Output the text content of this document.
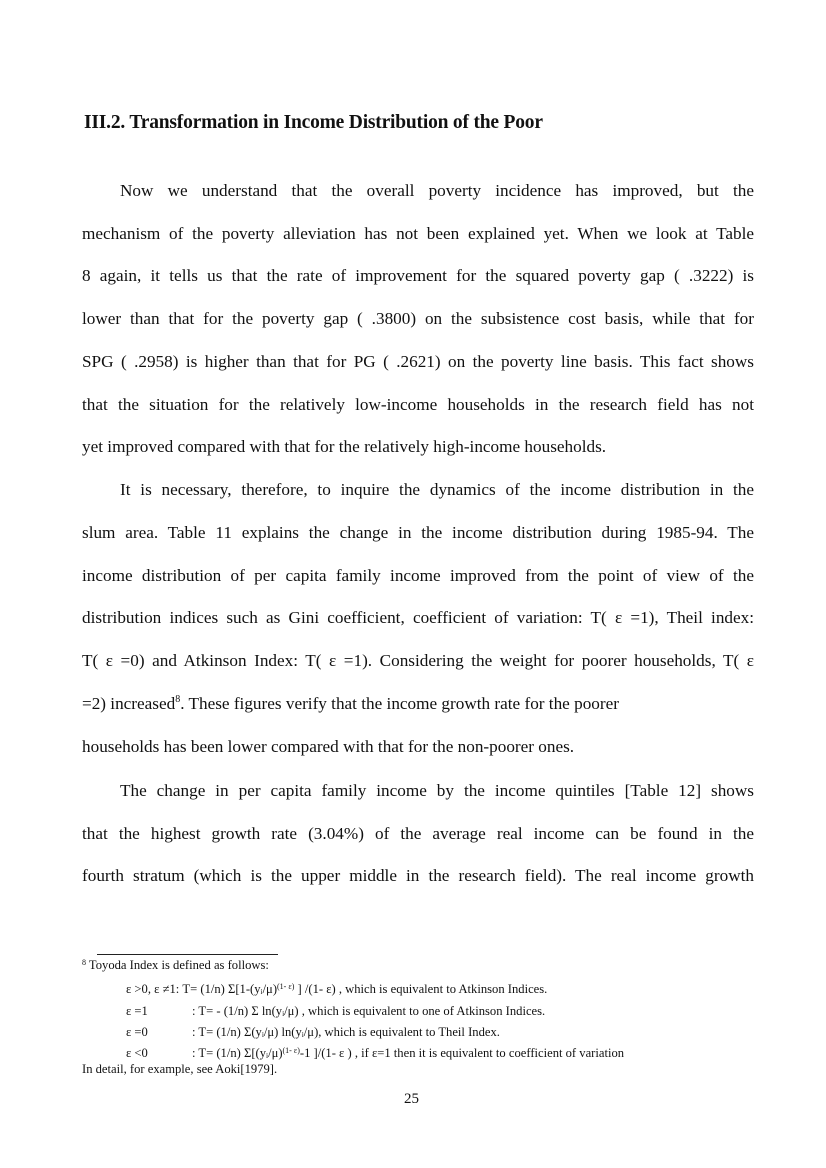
III.2. Transformation in Income Distribution of the Poor
Now we understand that the overall poverty incidence has improved, but the
mechanism of the poverty alleviation has not been explained yet. When we look at Table
8 again, it tells us that the rate of improvement for the squared poverty gap ( .3222) is
lower than that for the poverty gap ( .3800) on the subsistence cost basis, while that for
SPG ( .2958) is higher than that for PG ( .2621) on the poverty line basis. This fact shows
that the situation for the relatively low-income households in the research field has not
yet improved compared with that for the relatively high-income households.
It is necessary, therefore, to inquire the dynamics of the income distribution in the
slum area. Table 11 explains the change in the income distribution during 1985-94. The
income distribution of per capita family income improved from the point of view of the
distribution indices such as Gini coefficient, coefficient of variation: T( ε =1), Theil index:
T( ε =0) and Atkinson Index: T( ε =1). Considering the weight for poorer households, T( ε
=2) increased$^8$. These figures verify that the income growth rate for the poorer
households has been lower compared with that for the non-poorer ones.
The change in per capita family income by the income quintiles [Table 12] shows
that the highest growth rate (3.04%) of the average real income can be found in the
fourth stratum (which is the upper middle in the research field). The real income growth
$^8$ Toyoda Index is defined as follows:
ε >0, ε ≠1: T= (1/n) Σ[1-(yᵢ/μ)$^{(1- \varepsilon)}$ ] /(1- ε) , which is equivalent to Atkinson Indices.
ε =1	: T= - (1/n) Σ ln(yᵢ/μ) , which is equivalent to one of Atkinson Indices.
ε =0	: T= (1/n) Σ(yᵢ/μ) ln(yᵢ/μ), which is equivalent to Theil Index.
ε <0	: T= (1/n) Σ[(yᵢ/μ)$^{(1- \varepsilon)}$-1 ]/(1- ε ) , if ε=1 then it is equivalent to coefficient of variation
In detail, for example, see Aoki[1979].
25
